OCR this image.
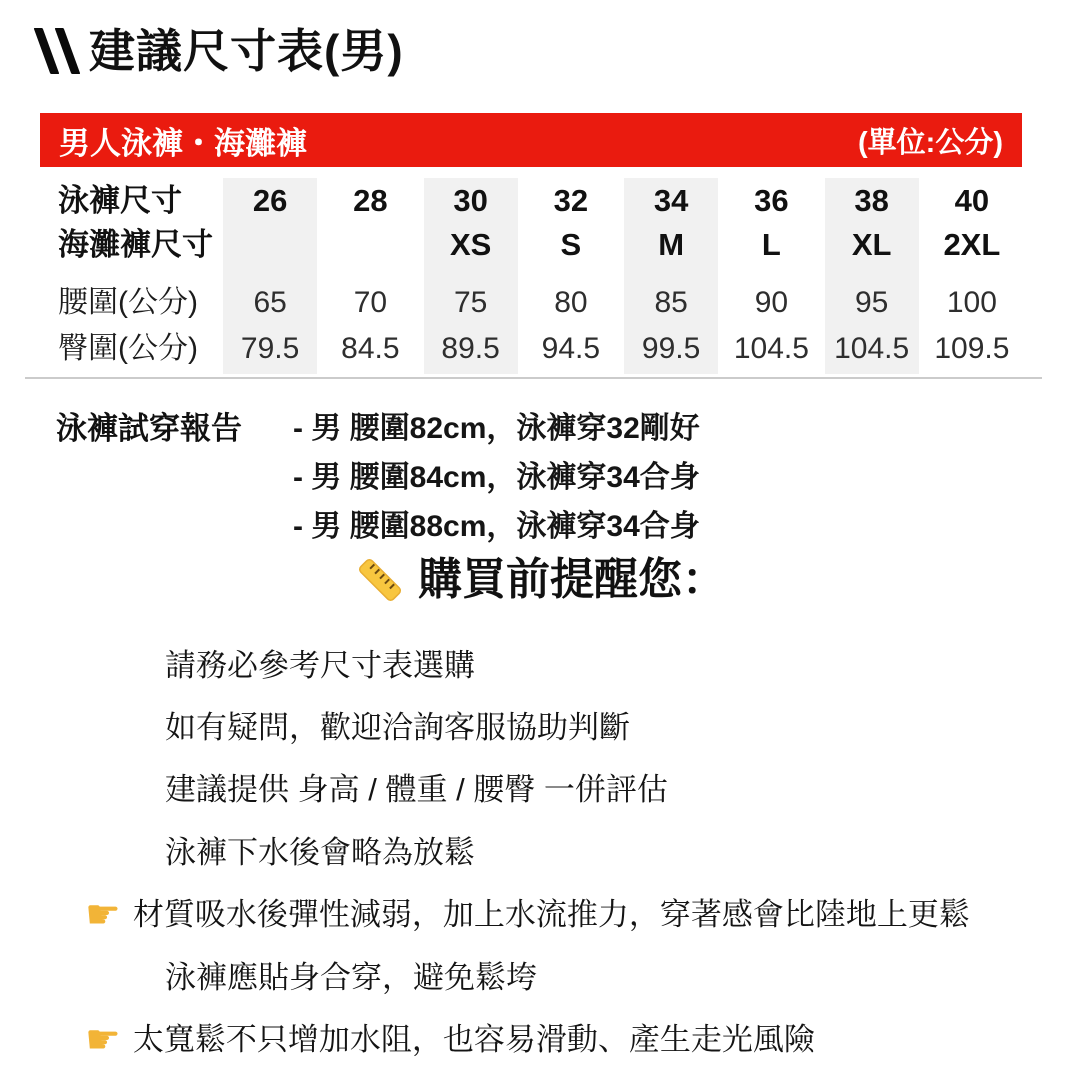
建議尺寸表(男)
男人泳褲・海灘褲	(單位:公分)
泳褲尺寸
海灘褲尺寸
腰圍(公分)
臀圍(公分)
26
65
79.5
28
70
84.5
30
XS
75
89.5
32
S
80
94.5
34
M
85
99.5
36
L
90
104.5
38
XL
95
104.5
40
2XL
100
109.5
泳褲試穿報告 - 男 腰圍82cm，泳褲穿32剛好
- 男 腰圍84cm，泳褲穿34合身
- 男 腰圍88cm，泳褲穿34合身
購買前提醒您：
請務必參考尺寸表選購
如有疑問，歡迎洽詢客服協助判斷
建議提供 身高 / 體重 / 腰臀 一併評估
泳褲下水後會略為放鬆
☛ 材質吸水後彈性減弱，加上水流推力，穿著感會比陸地上更鬆
泳褲應貼身合穿，避免鬆垮
☛ 太寬鬆不只增加水阻，也容易滑動、產生走光風險
